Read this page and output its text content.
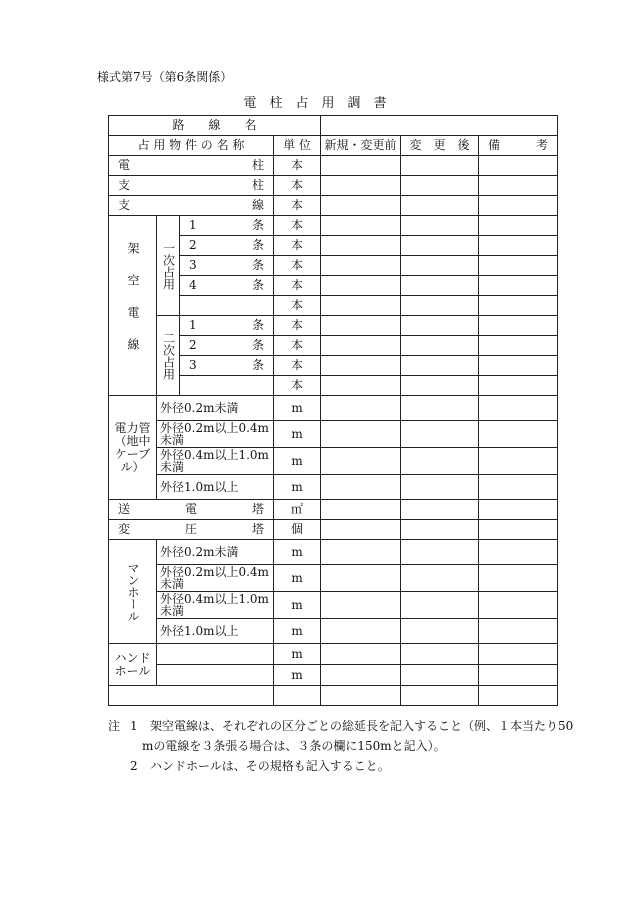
様式第7号（第6条関係）
電　柱　占　用　調　書
路　　線　　名						
占 用 物 件 の 名 称			単 位	新規・変更前	変　更　後	備 考

電 柱			本			

支 柱			本			

支 線			本			

架空電線	一次占用	1 条	本			

		2 条	本			

		3 条	本			

		4 条	本			
			本			

	二次占用	1 条	本			

		2 条	本			

		3 条	本			
			本			

電力管
（地中
ケーブ
ル）	外径0.2m未満		m			
	外径0.2m以上0.4m未満		m			
	外径0.4m以上1.0m未満		m			
	外径1.0m以上		m			

送 電 塔			㎡			

変 圧 塔			個			

マンホール	外径0.2m未満		m			
	外径0.2m以上0.4m未満		m			
	外径0.4m以上1.0m未満		m			
	外径1.0m以上		m			

ハンド
ホール			m			
			m			

注 1 架空電線は、それぞれの区分ごとの総延長を記入すること（例、１本当たり50
mの電線を３条張る場合は、３条の欄に150mと記入）。
2 ハンドホールは、その規格も記入すること。
